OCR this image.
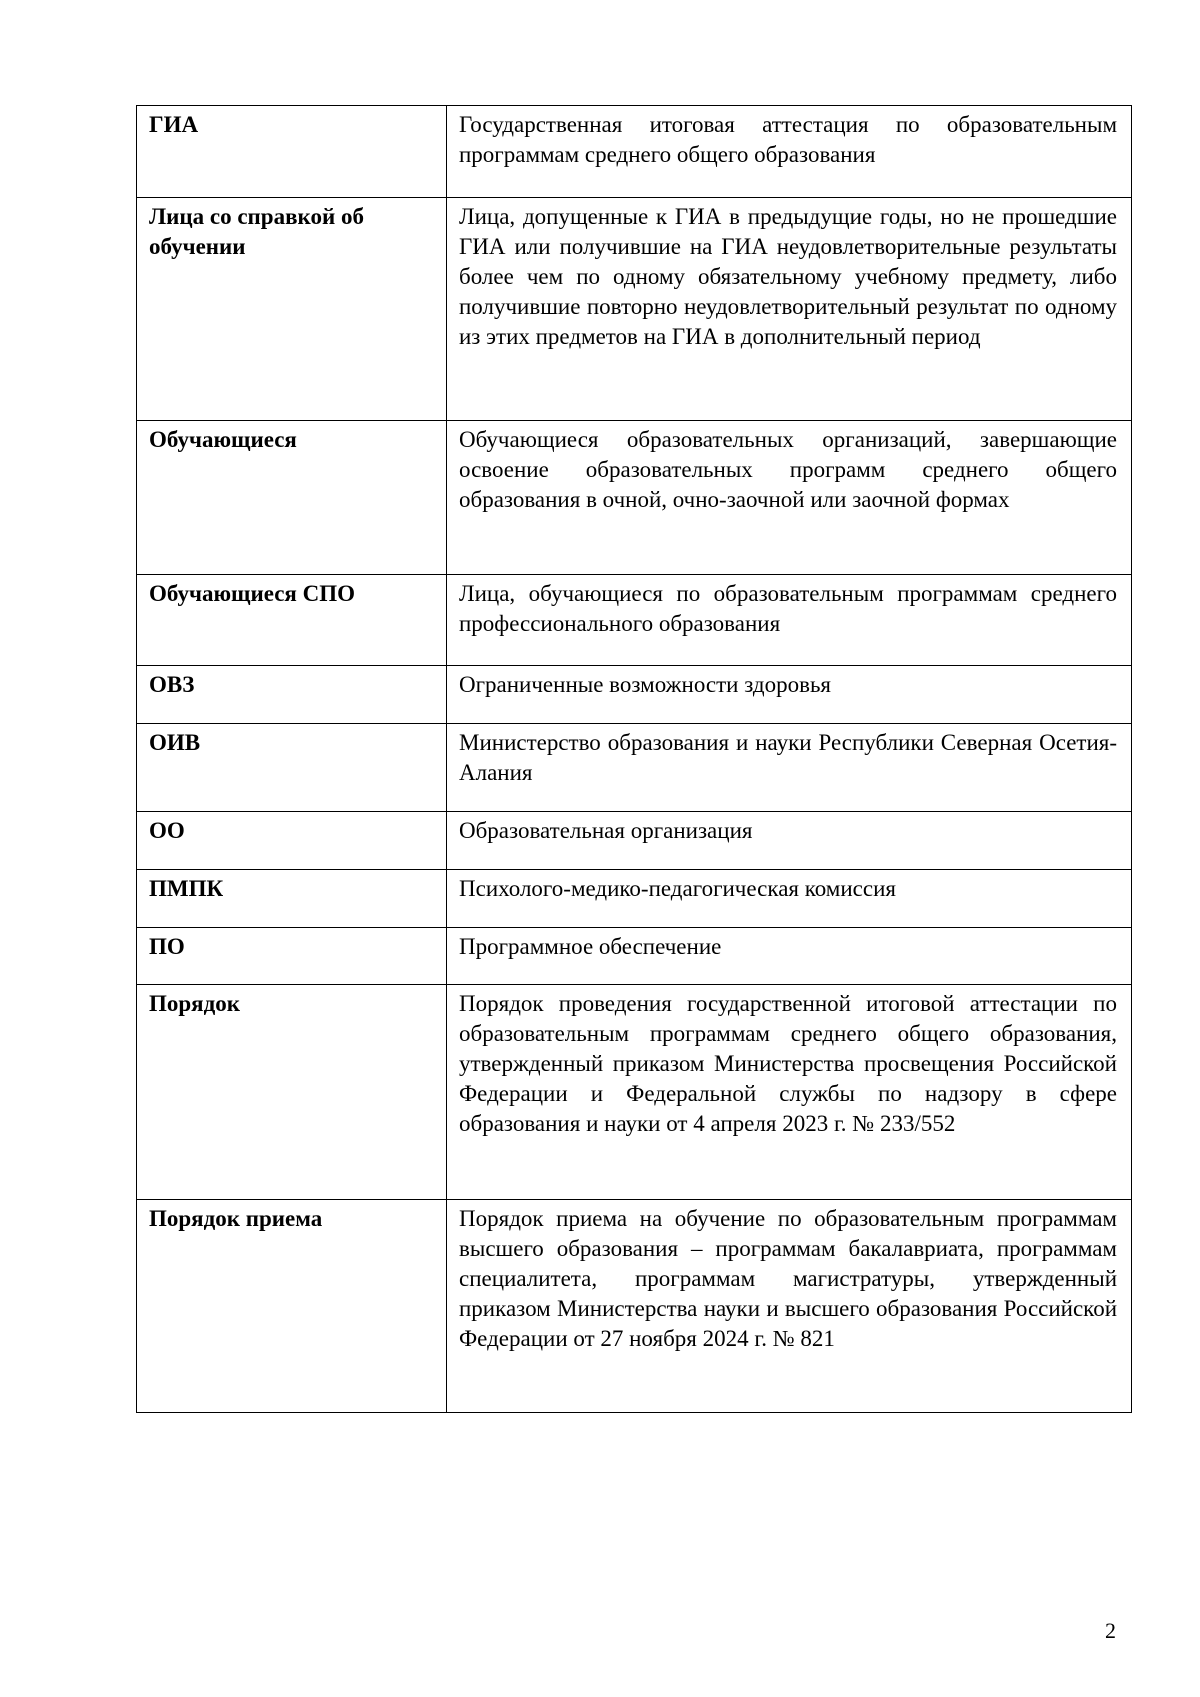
ГИА	Государственная итоговая аттестация по образовательным программам среднего общего образования
Лица со справкой об обучении	Лица, допущенные к ГИА в предыдущие годы, но не прошедшие ГИА или получившие на ГИА неудовлетворительные результаты более чем по одному обязательному учебному предмету, либо получившие повторно неудовлетворительный результат по одному из этих предметов на ГИА в дополнительный период
Обучающиеся	Обучающиеся образовательных организаций, завершающие освоение образовательных программ среднего общего образования в очной, очно-заочной или заочной формах
Обучающиеся СПО	Лица, обучающиеся по образовательным программам среднего профессионального образования
ОВЗ	Ограниченные возможности здоровья
ОИВ	Министерство образования и науки Республики Северная Осетия-Алания
ОО	Образовательная организация
ПМПК	Психолого-медико-педагогическая комиссия
ПО	Программное обеспечение
Порядок	Порядок проведения государственной итоговой аттестации по образовательным программам среднего общего образования, утвержденный приказом Министерства просвещения Российской Федерации и Федеральной службы по надзору в сфере образования и науки от 4 апреля 2023 г. № 233/552
Порядок приема	Порядок приема на обучение по образовательным программам высшего образования – программам бакалавриата, программам специалитета, программам магистратуры, утвержденный приказом Министерства науки и высшего образования Российской Федерации от 27 ноября 2024 г. № 821
2
